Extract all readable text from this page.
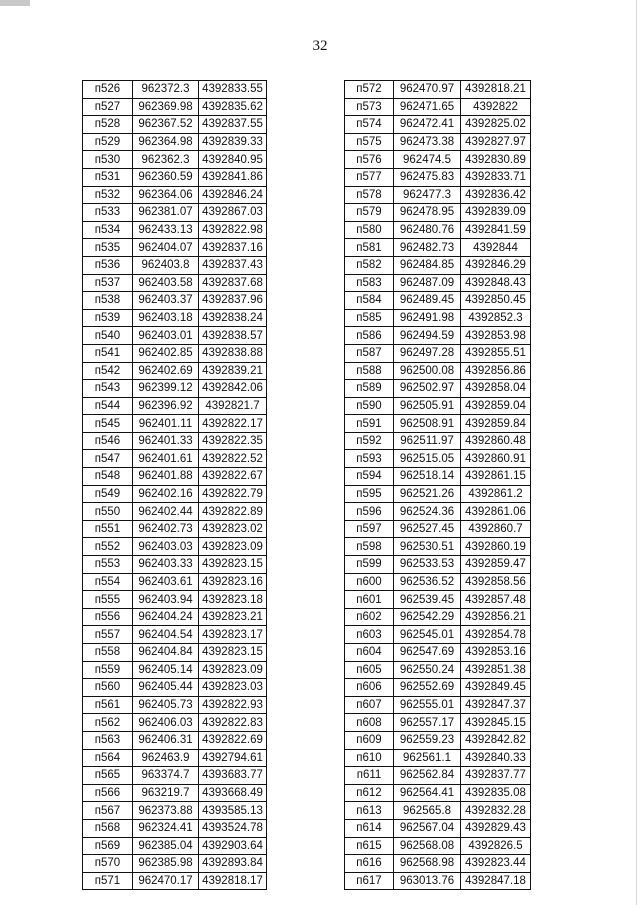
32
п526	962372.3	4392833.55
п527	962369.98	4392835.62
п528	962367.52	4392837.55
п529	962364.98	4392839.33
п530	962362.3	4392840.95
п531	962360.59	4392841.86
п532	962364.06	4392846.24
п533	962381.07	4392867.03
п534	962433.13	4392822.98
п535	962404.07	4392837.16
п536	962403.8	4392837.43
п537	962403.58	4392837.68
п538	962403.37	4392837.96
п539	962403.18	4392838.24
п540	962403.01	4392838.57
п541	962402.85	4392838.88
п542	962402.69	4392839.21
п543	962399.12	4392842.06
п544	962396.92	4392821.7
п545	962401.11	4392822.17
п546	962401.33	4392822.35
п547	962401.61	4392822.52
п548	962401.88	4392822.67
п549	962402.16	4392822.79
п550	962402.44	4392822.89
п551	962402.73	4392823.02
п552	962403.03	4392823.09
п553	962403.33	4392823.15
п554	962403.61	4392823.16
п555	962403.94	4392823.18
п556	962404.24	4392823.21
п557	962404.54	4392823.17
п558	962404.84	4392823.15
п559	962405.14	4392823.09
п560	962405.44	4392823.03
п561	962405.73	4392822.93
п562	962406.03	4392822.83
п563	962406.31	4392822.69
п564	962463.9	4392794.61
п565	963374.7	4393683.77
п566	963219.7	4393668.49
п567	962373.88	4393585.13
п568	962324.41	4393524.78
п569	962385.04	4392903.64
п570	962385.98	4392893.84
п571	962470.17	4392818.17
п572	962470.97	4392818.21
п573	962471.65	4392822
п574	962472.41	4392825.02
п575	962473.38	4392827.97
п576	962474.5	4392830.89
п577	962475.83	4392833.71
п578	962477.3	4392836.42
п579	962478.95	4392839.09
п580	962480.76	4392841.59
п581	962482.73	4392844
п582	962484.85	4392846.29
п583	962487.09	4392848.43
п584	962489.45	4392850.45
п585	962491.98	4392852.3
п586	962494.59	4392853.98
п587	962497.28	4392855.51
п588	962500.08	4392856.86
п589	962502.97	4392858.04
п590	962505.91	4392859.04
п591	962508.91	4392859.84
п592	962511.97	4392860.48
п593	962515.05	4392860.91
п594	962518.14	4392861.15
п595	962521.26	4392861.2
п596	962524.36	4392861.06
п597	962527.45	4392860.7
п598	962530.51	4392860.19
п599	962533.53	4392859.47
п600	962536.52	4392858.56
п601	962539.45	4392857.48
п602	962542.29	4392856.21
п603	962545.01	4392854.78
п604	962547.69	4392853.16
п605	962550.24	4392851.38
п606	962552.69	4392849.45
п607	962555.01	4392847.37
п608	962557.17	4392845.15
п609	962559.23	4392842.82
п610	962561.1	4392840.33
п611	962562.84	4392837.77
п612	962564.41	4392835.08
п613	962565.8	4392832.28
п614	962567.04	4392829.43
п615	962568.08	4392826.5
п616	962568.98	4392823.44
п617	963013.76	4392847.18
